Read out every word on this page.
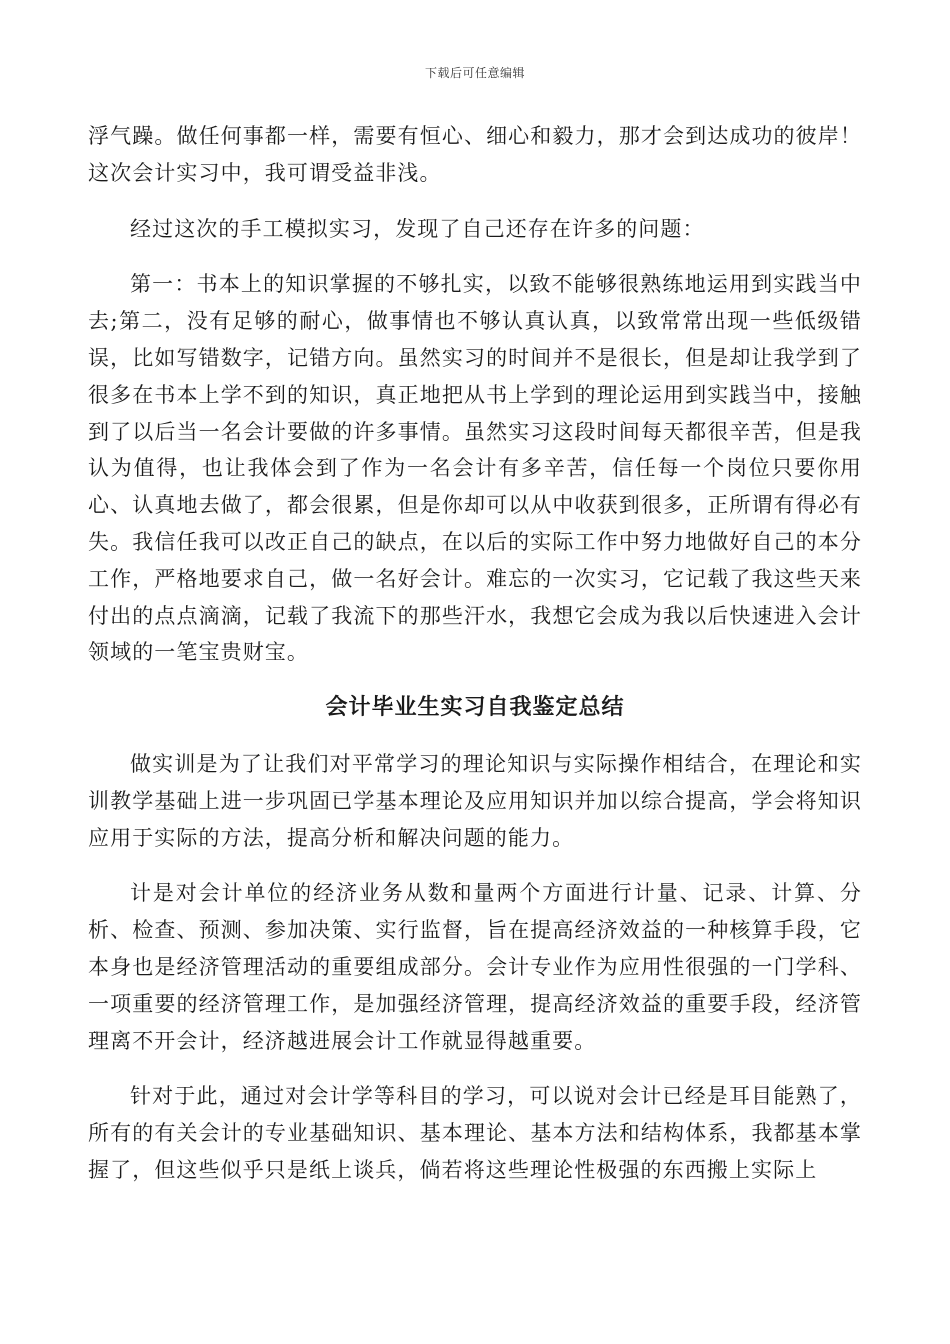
下载后可任意编辑

浮气躁。做任何事都一样，需要有恒心、细心和毅力，那才会到达成功的彼岸！这次会计实习中，我可谓受益非浅。

经过这次的手工模拟实习，发现了自己还存在许多的问题：

第一：书本上的知识掌握的不够扎实，以致不能够很熟练地运用到实践当中去;第二，没有足够的耐心，做事情也不够认真认真，以致常常出现一些低级错误，比如写错数字，记错方向。虽然实习的时间并不是很长，但是却让我学到了很多在书本上学不到的知识，真正地把从书上学到的理论运用到实践当中，接触到了以后当一名会计要做的许多事情。虽然实习这段时间每天都很辛苦，但是我认为值得，也让我体会到了作为一名会计有多辛苦，信任每一个岗位只要你用心、认真地去做了，都会很累，但是你却可以从中收获到很多，正所谓有得必有失。我信任我可以改正自己的缺点，在以后的实际工作中努力地做好自己的本分工作，严格地要求自己，做一名好会计。难忘的一次实习，它记载了我这些天来付出的点点滴滴，记载了我流下的那些汗水，我想它会成为我以后快速进入会计领域的一笔宝贵财宝。

会计毕业生实习自我鉴定总结

做实训是为了让我们对平常学习的理论知识与实际操作相结合，在理论和实训教学基础上进一步巩固已学基本理论及应用知识并加以综合提高，学会将知识应用于实际的方法，提高分析和解决问题的能力。

计是对会计单位的经济业务从数和量两个方面进行计量、记录、计算、分析、检查、预测、参加决策、实行监督，旨在提高经济效益的一种核算手段，它本身也是经济管理活动的重要组成部分。会计专业作为应用性很强的一门学科、一项重要的经济管理工作，是加强经济管理，提高经济效益的重要手段，经济管理离不开会计，经济越进展会计工作就显得越重要。

针对于此，通过对会计学等科目的学习，可以说对会计已经是耳目能熟了，所有的有关会计的专业基础知识、基本理论、基本方法和结构体系，我都基本掌握了，但这些似乎只是纸上谈兵，倘若将这些理论性极强的东西搬上实际上
